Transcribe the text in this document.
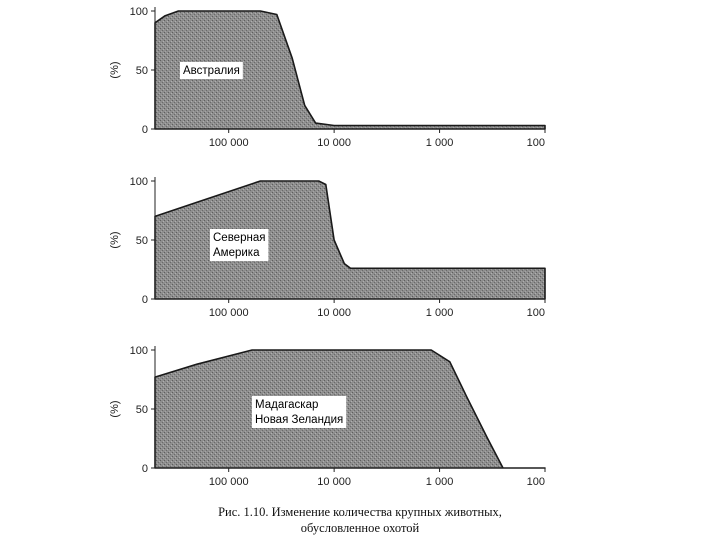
100
50
0
(%)
100 000	10 000	1 000	100
Австралия
100
50
0
(%)
100 000	10 000	1 000	100
Северная
Америка
100
50
0
(%)
100 000	10 000	1 000	100
Мадагаскар
Новая Зеландия
Рис. 1.10. Изменение количества крупных животных,
обусловленное охотой
